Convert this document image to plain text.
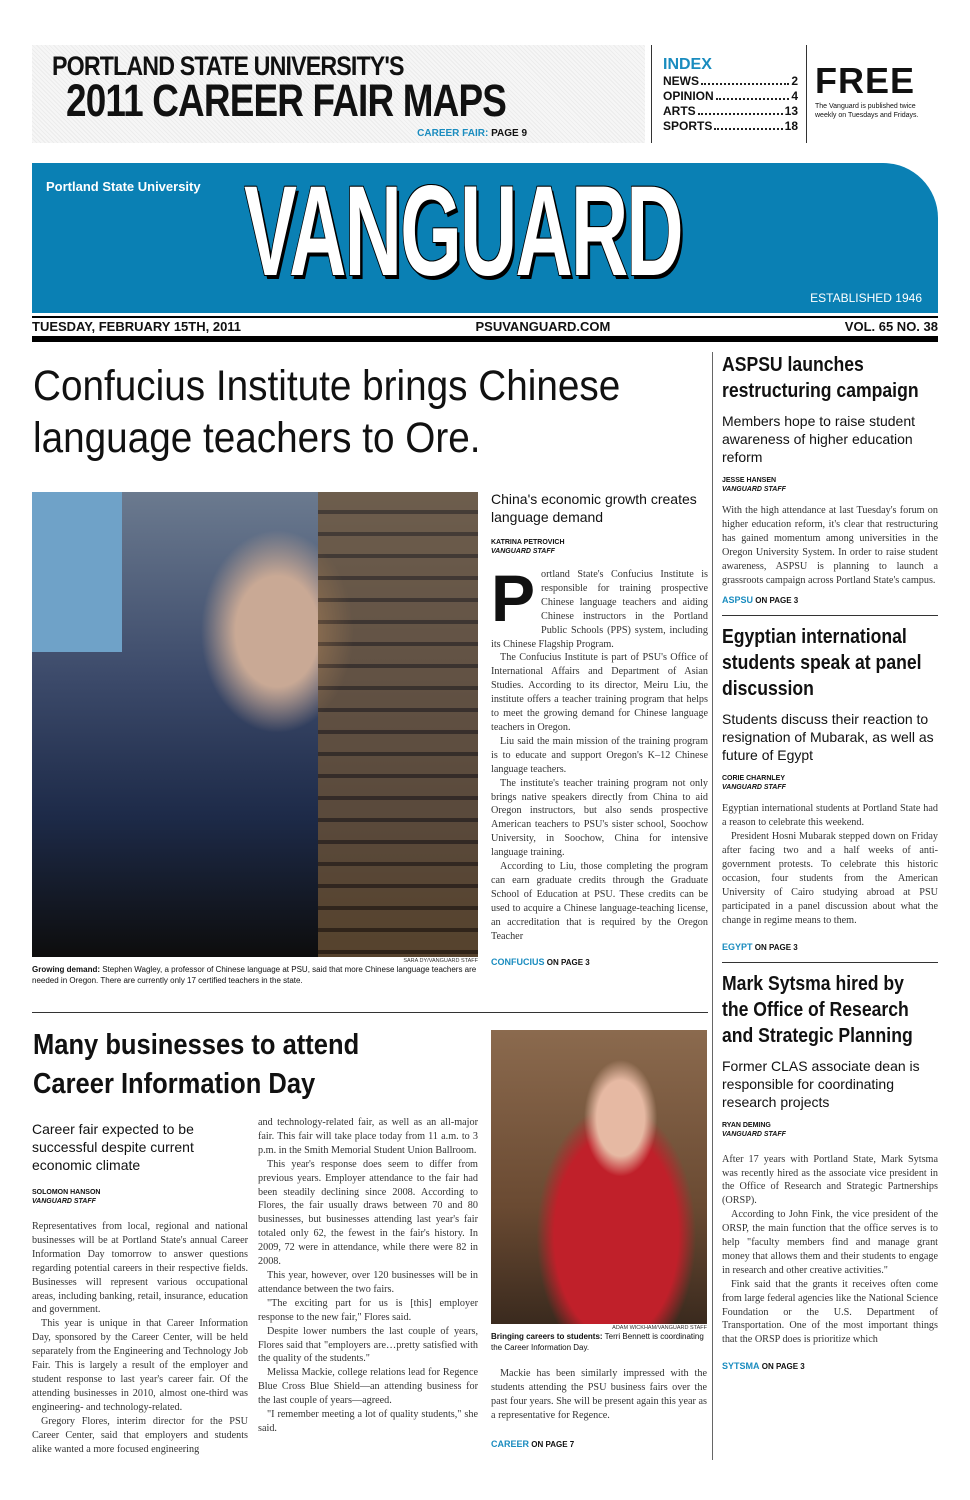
PORTLAND STATE UNIVERSITY'S
2011 CAREER FAIR MAPS
CAREER FAIR: PAGE 9
INDEX
NEWS	2
OPINION	4
ARTS	13
SPORTS	18
FREE
The Vanguard is published twice weekly on Tuesdays and Fridays.
Portland State University VANGUARD	ESTABLISHED 1946
TUESDAY, FEBRUARY 15TH, 2011	PSUVANGUARD.COM	VOL. 65 NO. 38
Confucius Institute brings Chinese language teachers to Ore.
SARA DY/VANGUARD STAFF
Growing demand: Stephen Wagley, a professor of Chinese language at PSU, said that more Chinese language teachers are needed in Oregon. There are currently only 17 certified teachers in the state.
China's economic growth creates language demand
KATRINA PETROVICH
VANGUARD STAFF

Portland State's Confucius Institute is responsible for training prospective Chinese language teachers and aiding Chinese instructors in the Portland Public Schools (PPS) system, including its Chinese Flagship Program.

The Confucius Institute is part of PSU's Office of International Affairs and Department of Asian Studies. According to its director, Meiru Liu, the institute offers a teacher training program that helps to meet the growing demand for Chinese language teachers in Oregon.

Liu said the main mission of the training program is to educate and support Oregon's K–12 Chinese language teachers.

The institute's teacher training program not only brings native speakers directly from China to aid Oregon instructors, but also sends prospective American teachers to PSU's sister school, Soochow University, in Soochow, China for intensive language training.

According to Liu, those completing the program can earn graduate credits through the Graduate School of Education at PSU. These credits can be used to acquire a Chinese language-teaching license, an accreditation that is required by the Oregon Teacher

CONFUCIUS ON PAGE 3
ASPSU launches restructuring campaign
Members hope to raise student awareness of higher education reform
JESSE HANSEN
VANGUARD STAFF

With the high attendance at last Tuesday's forum on higher education reform, it's clear that restructuring has gained momentum among universities in the Oregon University System. In order to raise student awareness, ASPSU is planning to launch a grassroots campaign across Portland State's campus.

ASPSU ON PAGE 3
Egyptian international students speak at panel discussion
Students discuss their reaction to resignation of Mubarak, as well as future of Egypt
CORIE CHARNLEY
VANGUARD STAFF

Egyptian international students at Portland State had a reason to celebrate this weekend.

President Hosni Mubarak stepped down on Friday after facing two and a half weeks of anti-government protests. To celebrate this historic occasion, four students from the American University of Cairo studying abroad at PSU participated in a panel discussion about what the change in regime means to them.

EGYPT ON PAGE 3
Mark Sytsma hired by the Office of Research and Strategic Planning
Former CLAS associate dean is responsible for coordinating research projects
RYAN DEMING
VANGUARD STAFF

After 17 years with Portland State, Mark Sytsma was recently hired as the associate vice president in the Office of Research and Strategic Partnerships (ORSP).

According to John Fink, the vice president of the ORSP, the main function that the office serves is to help "faculty members find and manage grant money that allows them and their students to engage in research and other creative activities."

Fink said that the grants it receives often come from large federal agencies like the National Science Foundation or the U.S. Department of Transportation. One of the most important things that the ORSP does is prioritize which

SYTSMA ON PAGE 3
Many businesses to attend Career Information Day
Career fair expected to be successful despite current economic climate
SOLOMON HANSON
VANGUARD STAFF

Representatives from local, regional and national businesses will be at Portland State's annual Career Information Day tomorrow to answer questions regarding potential careers in their respective fields. Businesses will represent various occupational areas, including banking, retail, insurance, education and government.

This year is unique in that Career Information Day, sponsored by the Career Center, will be held separately from the Engineering and Technology Job Fair. This is largely a result of the employer and student response to last year's career fair. Of the attending businesses in 2010, almost one-third was engineering- and technology-related.

Gregory Flores, interim director for the PSU Career Center, said that employers and students alike wanted a more focused engineering

and technology-related fair, as well as an all-major fair. This fair will take place today from 11 a.m. to 3 p.m. in the Smith Memorial Student Union Ballroom.

This year's response does seem to differ from previous years. Employer attendance to the fair had been steadily declining since 2008. According to Flores, the fair usually draws between 70 and 80 businesses, but businesses attending last year's fair totaled only 62, the fewest in the fair's history. In 2009, 72 were in attendance, while there were 82 in 2008.

This year, however, over 120 businesses will be in attendance between the two fairs.

"The exciting part for us is [this] employer response to the new fair," Flores said.

Despite lower numbers the last couple of years, Flores said that "employers are…pretty satisfied with the quality of the students."

Melissa Mackie, college relations lead for Regence Blue Cross Blue Shield—an attending business for the last couple of years—agreed.

"I remember meeting a lot of quality students," she said.

ADAM WICKHAM/VANGUARD STAFF
Bringing careers to students: Terri Bennett is coordinating the Career Information Day.

Mackie has been similarly impressed with the students attending the PSU business fairs over the past four years. She will be present again this year as a representative for Regence.

CAREER ON PAGE 7
